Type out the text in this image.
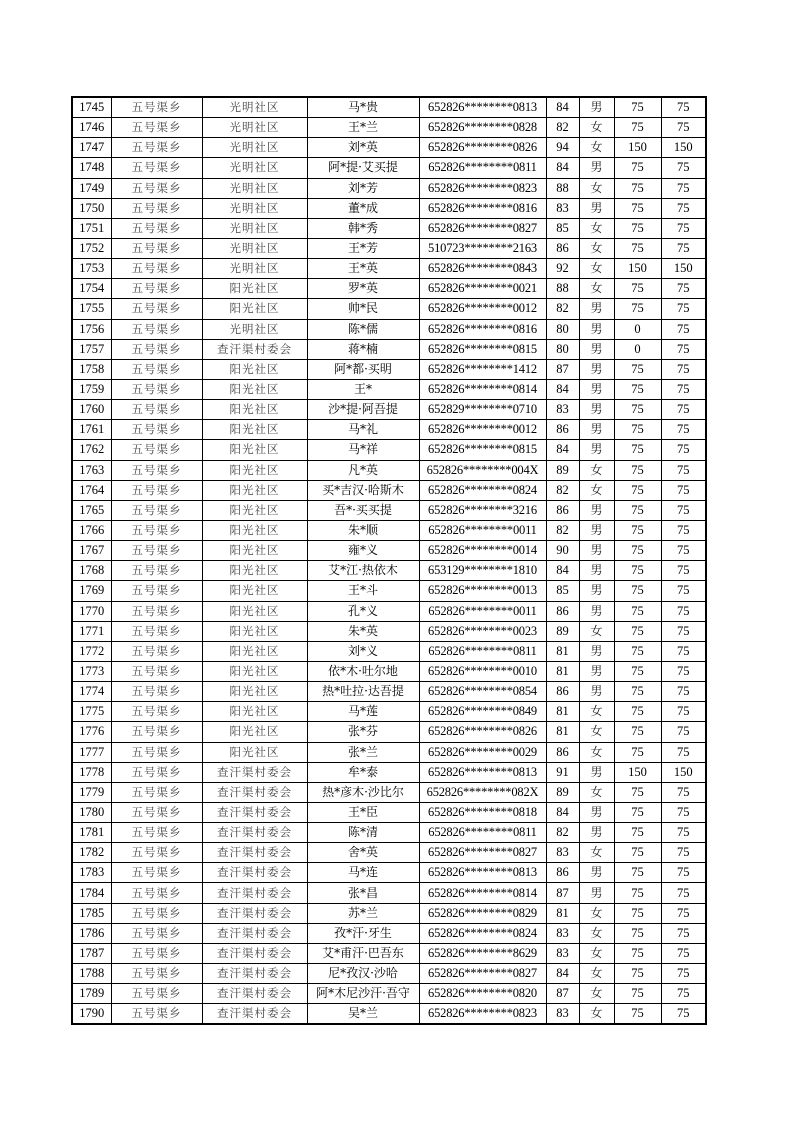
1745	五号渠乡	光明社区	马*贵	652826********0813	84	男	75	75
1746	五号渠乡	光明社区	王*兰	652826********0828	82	女	75	75
1747	五号渠乡	光明社区	刘*英	652826********0826	94	女	150	150
1748	五号渠乡	光明社区	阿*提·艾买提	652826********0811	84	男	75	75
1749	五号渠乡	光明社区	刘*芳	652826********0823	88	女	75	75
1750	五号渠乡	光明社区	董*成	652826********0816	83	男	75	75
1751	五号渠乡	光明社区	韩*秀	652826********0827	85	女	75	75
1752	五号渠乡	光明社区	王*芳	510723********2163	86	女	75	75
1753	五号渠乡	光明社区	王*英	652826********0843	92	女	150	150
1754	五号渠乡	阳光社区	罗*英	652826********0021	88	女	75	75
1755	五号渠乡	阳光社区	帅*民	652826********0012	82	男	75	75
1756	五号渠乡	光明社区	陈*儒	652826********0816	80	男	0	75
1757	五号渠乡	查汗渠村委会	蒋*楠	652826********0815	80	男	0	75
1758	五号渠乡	阳光社区	阿*都·买明	652826********1412	87	男	75	75
1759	五号渠乡	阳光社区	王*	652826********0814	84	男	75	75
1760	五号渠乡	阳光社区	沙*提·阿吾提	652829********0710	83	男	75	75
1761	五号渠乡	阳光社区	马*礼	652826********0012	86	男	75	75
1762	五号渠乡	阳光社区	马*祥	652826********0815	84	男	75	75
1763	五号渠乡	阳光社区	凡*英	652826********004X	89	女	75	75
1764	五号渠乡	阳光社区	买*吉汉·哈斯木	652826********0824	82	女	75	75
1765	五号渠乡	阳光社区	吾*·买买提	652826********3216	86	男	75	75
1766	五号渠乡	阳光社区	朱*顺	652826********0011	82	男	75	75
1767	五号渠乡	阳光社区	雍*义	652826********0014	90	男	75	75
1768	五号渠乡	阳光社区	艾*江·热依木	653129********1810	84	男	75	75
1769	五号渠乡	阳光社区	王*斗	652826********0013	85	男	75	75
1770	五号渠乡	阳光社区	孔*义	652826********0011	86	男	75	75
1771	五号渠乡	阳光社区	朱*英	652826********0023	89	女	75	75
1772	五号渠乡	阳光社区	刘*义	652826********0811	81	男	75	75
1773	五号渠乡	阳光社区	依*木·吐尔地	652826********0010	81	男	75	75
1774	五号渠乡	阳光社区	热*吐拉·达吾提	652826********0854	86	男	75	75
1775	五号渠乡	阳光社区	马*莲	652826********0849	81	女	75	75
1776	五号渠乡	阳光社区	张*芬	652826********0826	81	女	75	75
1777	五号渠乡	阳光社区	张*兰	652826********0029	86	女	75	75
1778	五号渠乡	查汗渠村委会	牟*泰	652826********0813	91	男	150	150
1779	五号渠乡	查汗渠村委会	热*彦木·沙比尔	652826********082X	89	女	75	75
1780	五号渠乡	查汗渠村委会	王*臣	652826********0818	84	男	75	75
1781	五号渠乡	查汗渠村委会	陈*清	652826********0811	82	男	75	75
1782	五号渠乡	查汗渠村委会	舍*英	652826********0827	83	女	75	75
1783	五号渠乡	查汗渠村委会	马*连	652826********0813	86	男	75	75
1784	五号渠乡	查汗渠村委会	张*昌	652826********0814	87	男	75	75
1785	五号渠乡	查汗渠村委会	苏*兰	652826********0829	81	女	75	75
1786	五号渠乡	查汗渠村委会	孜*汗·牙生	652826********0824	83	女	75	75
1787	五号渠乡	查汗渠村委会	艾*甫汗·巴吾东	652826********8629	83	女	75	75
1788	五号渠乡	查汗渠村委会	尼*孜汉·沙哈	652826********0827	84	女	75	75
1789	五号渠乡	查汗渠村委会	阿*木尼沙汗·吾守	652826********0820	87	女	75	75
1790	五号渠乡	查汗渠村委会	吴*兰	652826********0823	83	女	75	75
